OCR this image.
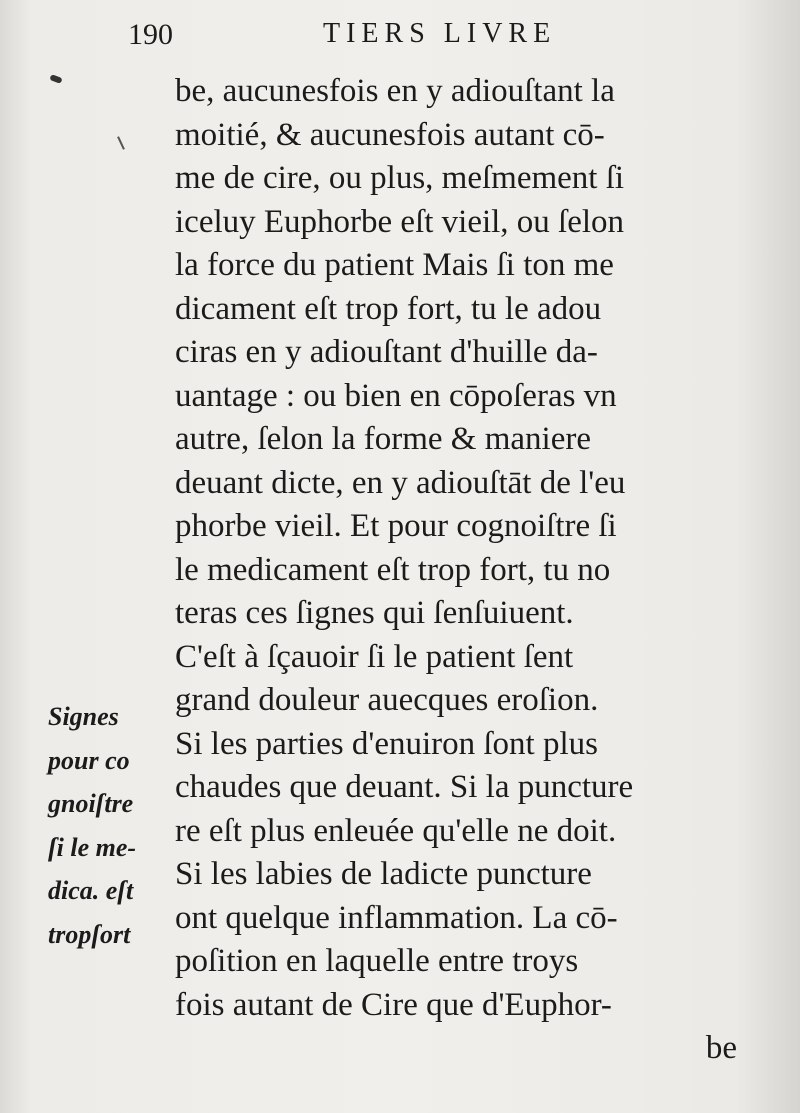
190	TIERS LIVRE
be, aucunesfois en y adiouſtant la
moitié, & aucunesfois autant cō-
me de cire, ou plus, meſmement ſi
iceluy Euphorbe eſt vieil, ou ſelon
la force du patient Mais ſi ton me
dicament eſt trop fort, tu le adou
ciras en y adiouſtant d'huille da-
uantage : ou bien en cōpoſeras vn
autre, ſelon la forme & maniere
deuant dicte, en y adiouſtāt de l'eu
phorbe vieil. Et pour cognoiſtre ſi
le medicament eſt trop fort, tu no
teras ces ſignes qui ſenſuiuent.
C'eſt à ſçauoir ſi le patient ſent
grand douleur auecques eroſion.
Si les parties d'enuiron ſont plus
chaudes que deuant. Si la puncture
re eſt plus enleuée qu'elle ne doit.
Si les labies de ladicte puncture
ont quelque inflammation. La cō-
poſition en laquelle entre troys
fois autant de Cire que d'Euphor-
be
Signes
pour co
gnoiſtre
ſi le me-
dica. eſt
tropſort
